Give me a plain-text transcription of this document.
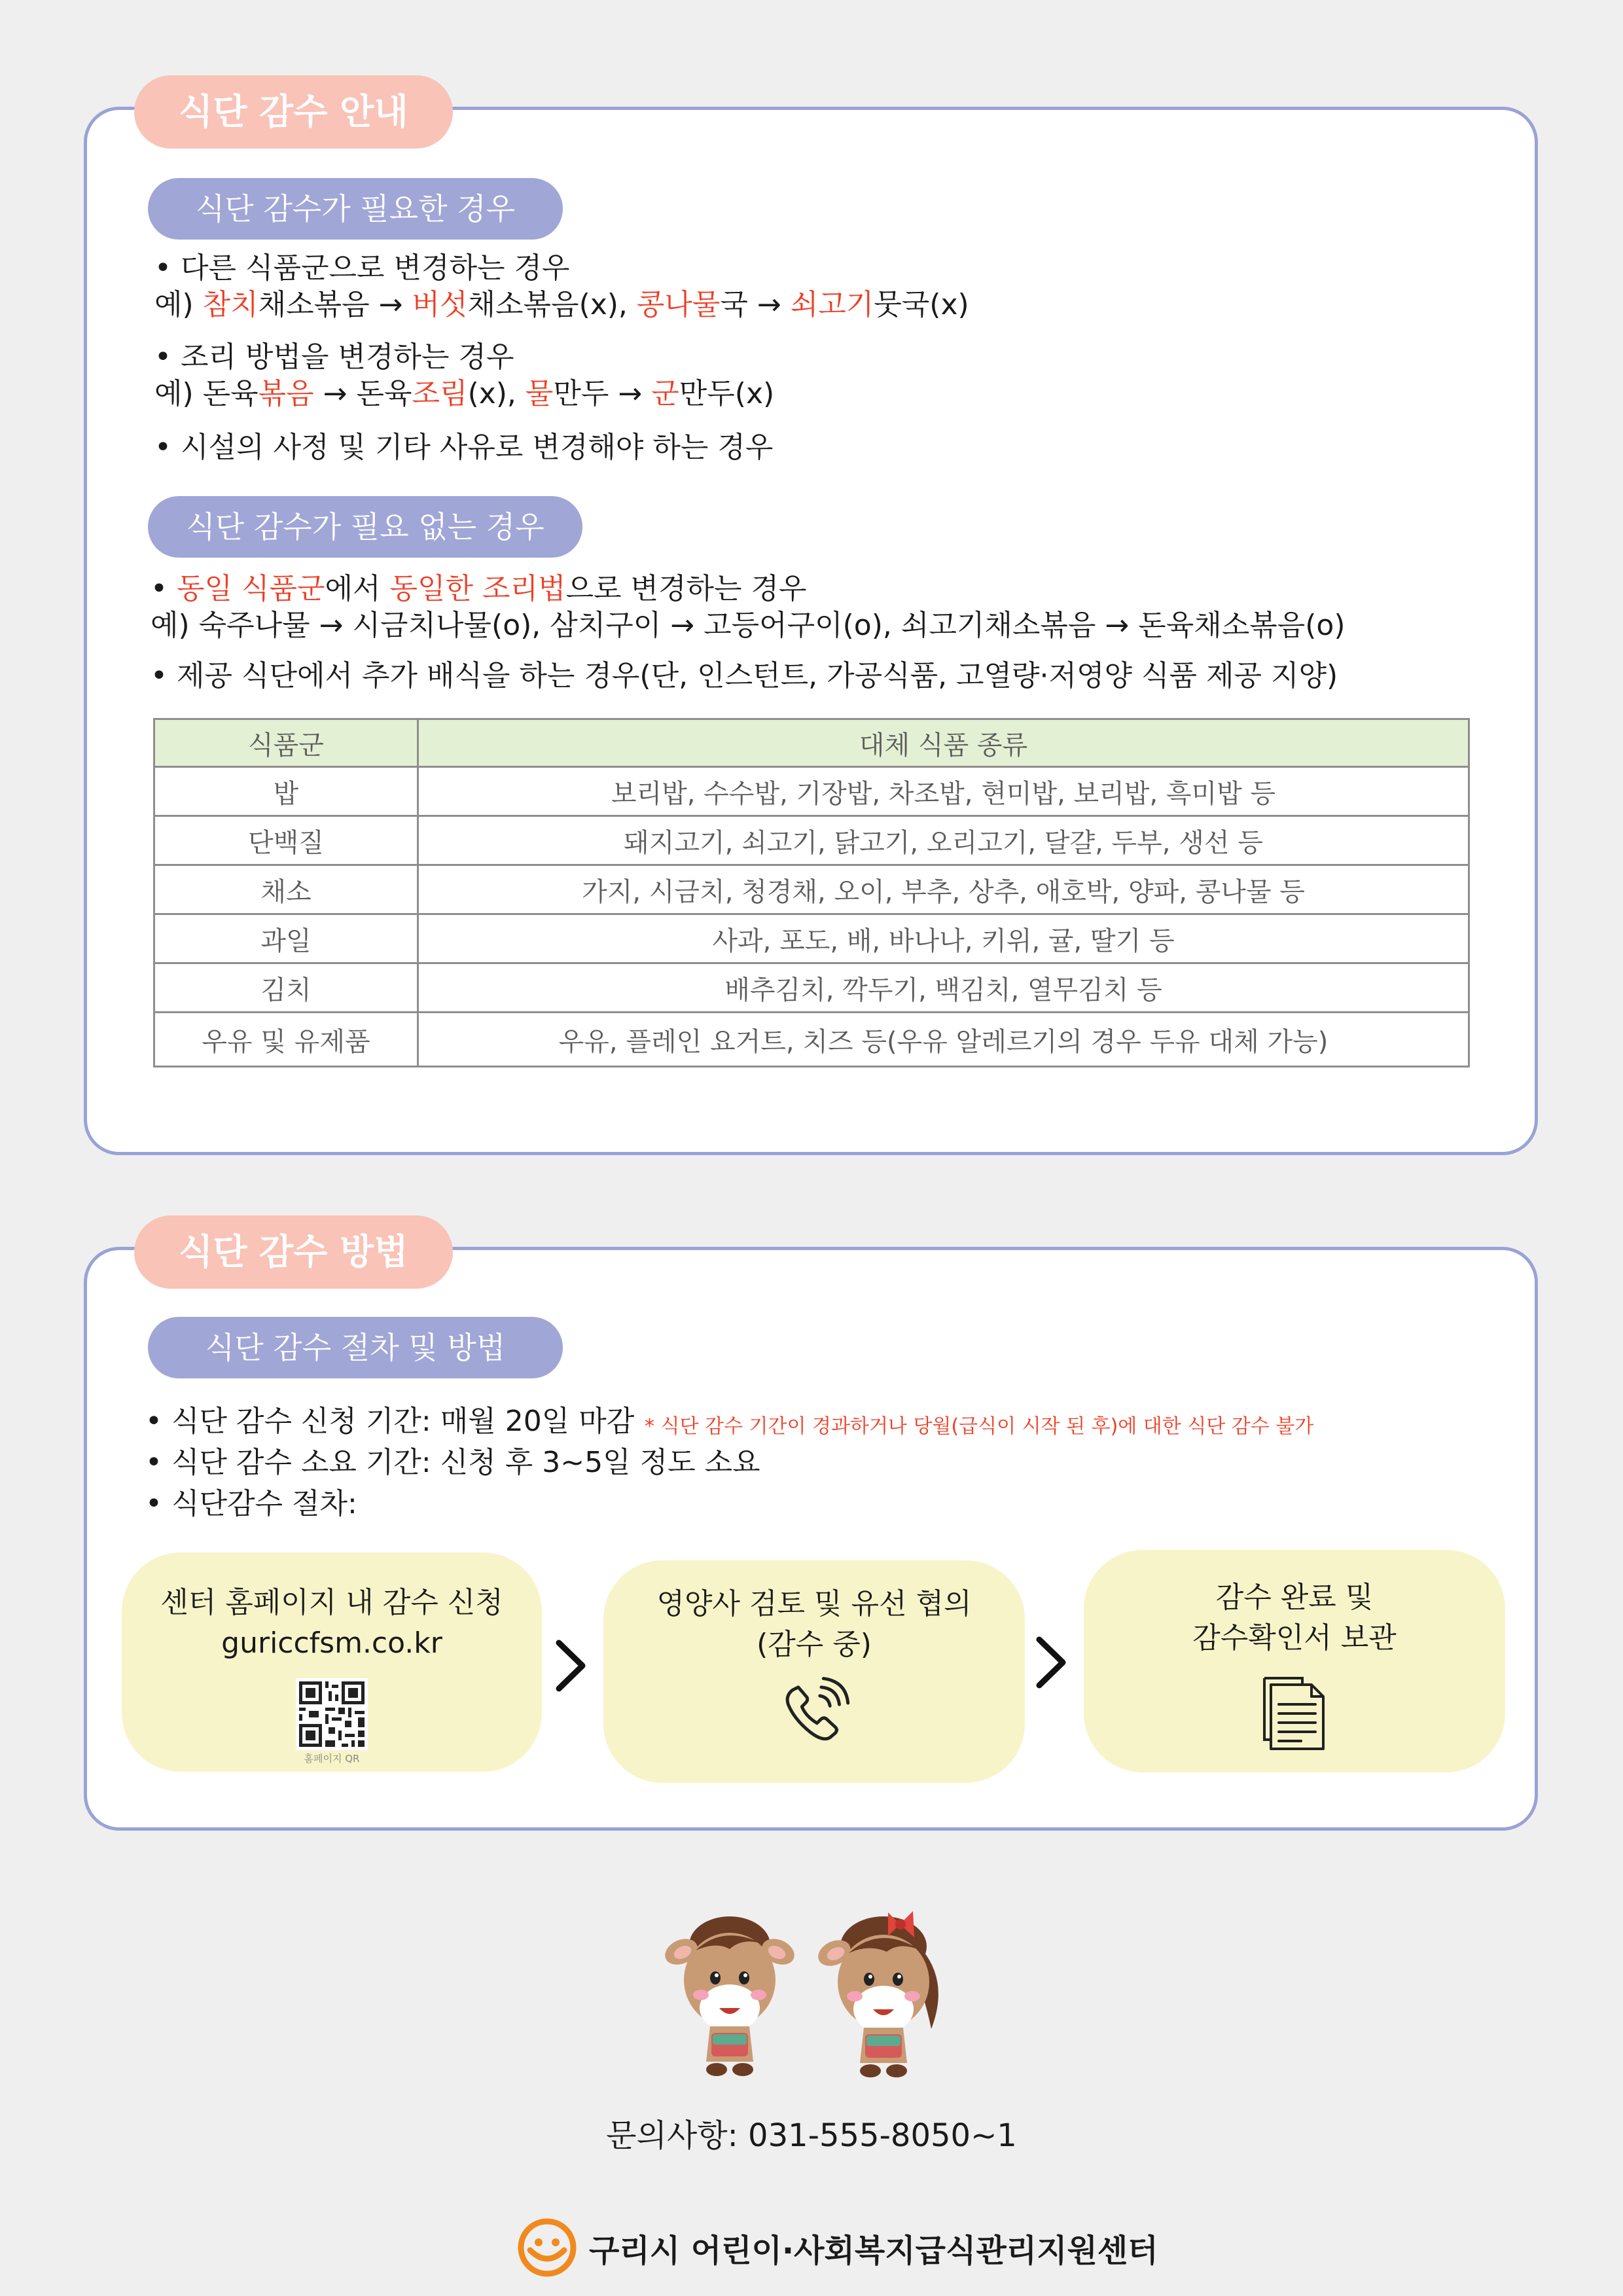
식단 감수 안내
식단 감수가 필요한 경우
• 다른 식품군으로 변경하는 경우
예) 참치채소볶음 → 버섯채소볶음(x), 콩나물국 → 쇠고기뭇국(x)
• 조리 방법을 변경하는 경우
예) 돈육볶음 → 돈육조림(x), 물만두 → 군만두(x)
• 시설의 사정 및 기타 사유로 변경해야 하는 경우
식단 감수가 필요 없는 경우
• 동일 식품군에서 동일한 조리법으로 변경하는 경우
예) 숙주나물 → 시금치나물(o), 삼치구이 → 고등어구이(o), 쇠고기채소볶음 → 돈육채소볶음(o)
• 제공 식단에서 추가 배식을 하는 경우(단, 인스턴트, 가공식품, 고열량·저영양 식품 제공 지양)
식품군	대체 식품 종류
밥	보리밥, 수수밥, 기장밥, 차조밥, 현미밥, 보리밥, 흑미밥 등
단백질	돼지고기, 쇠고기, 닭고기, 오리고기, 달걀, 두부, 생선 등
채소	가지, 시금치, 청경채, 오이, 부추, 상추, 애호박, 양파, 콩나물 등
과일	사과, 포도, 배, 바나나, 키위, 귤, 딸기 등
김치	배추김치, 깍두기, 백김치, 열무김치 등
우유 및 유제품	우유, 플레인 요거트, 치즈 등(우유 알레르기의 경우 두유 대체 가능)
식단 감수 방법
식단 감수 절차 및 방법
• 식단 감수 신청 기간: 매월 20일 마감 * 식단 감수 기간이 경과하거나 당월(급식이 시작 된 후)에 대한 식단 감수 불가
• 식단 감수 소요 기간: 신청 후 3~5일 정도 소요
• 식단감수 절차:
센터 홈페이지 내 감수 신청
guriccfsm.co.kr
홈페이지 QR
영양사 검토 및 유선 협의
(감수 중)
감수 완료 및
감수확인서 보관
문의사항: 031-555-8050~1
구리시 어린이·사회복지급식관리지원센터
